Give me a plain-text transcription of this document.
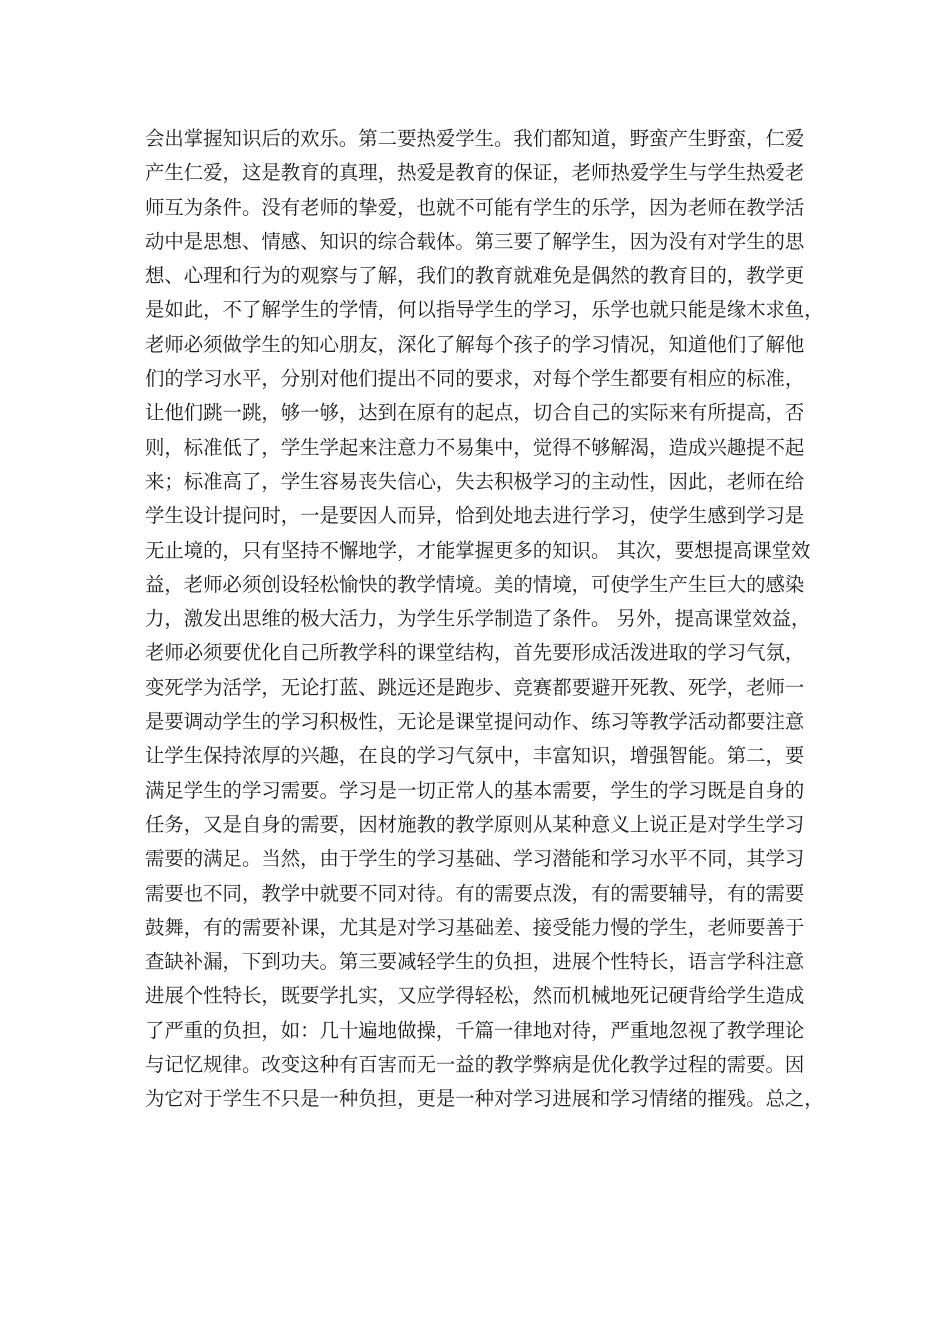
会出掌握知识后的欢乐。第二要热爱学生。我们都知道，野蛮产生野蛮，仁爱
产生仁爱，这是教育的真理，热爱是教育的保证，老师热爱学生与学生热爱老
师互为条件。没有老师的挚爱，也就不可能有学生的乐学，因为老师在教学活
动中是思想、情感、知识的综合载体。第三要了解学生，因为没有对学生的思
想、心理和行为的观察与了解，我们的教育就难免是偶然的教育目的，教学更
是如此，不了解学生的学情，何以指导学生的学习，乐学也就只能是缘木求鱼，
老师必须做学生的知心朋友，深化了解每个孩子的学习情况，知道他们了解他
们的学习水平，分别对他们提出不同的要求，对每个学生都要有相应的标准，
让他们跳一跳，够一够，达到在原有的起点，切合自己的实际来有所提高，否
则，标准低了，学生学起来注意力不易集中，觉得不够解渴，造成兴趣提不起
来；标准高了，学生容易丧失信心，失去积极学习的主动性，因此，老师在给
学生设计提问时，一是要因人而异，恰到处地去进行学习，使学生感到学习是
无止境的，只有坚持不懈地学，才能掌握更多的知识。 其次，要想提高课堂效
益，老师必须创设轻松愉快的教学情境。美的情境，可使学生产生巨大的感染
力，激发出思维的极大活力，为学生乐学制造了条件。 另外，提高课堂效益，
老师必须要优化自己所教学科的课堂结构，首先要形成活泼进取的学习气氛，
变死学为活学，无论打蓝、跳远还是跑步、竞赛都要避开死教、死学，老师一
是要调动学生的学习积极性，无论是课堂提问动作、练习等教学活动都要注意
让学生保持浓厚的兴趣，在良的学习气氛中，丰富知识，增强智能。第二，要
满足学生的学习需要。学习是一切正常人的基本需要，学生的学习既是自身的
任务，又是自身的需要，因材施教的教学原则从某种意义上说正是对学生学习
需要的满足。当然，由于学生的学习基础、学习潜能和学习水平不同，其学习
需要也不同，教学中就要不同对待。有的需要点泼，有的需要辅导，有的需要
鼓舞，有的需要补课，尤其是对学习基础差、接受能力慢的学生，老师要善于
查缺补漏，下到功夫。第三要减轻学生的负担，进展个性特长，语言学科注意
进展个性特长，既要学扎实，又应学得轻松，然而机械地死记硬背给学生造成
了严重的负担，如：几十遍地做操，千篇一律地对待，严重地忽视了教学理论
与记忆规律。改变这种有百害而无一益的教学弊病是优化教学过程的需要。因
为它对于学生不只是一种负担，更是一种对学习进展和学习情绪的摧残。总之，
